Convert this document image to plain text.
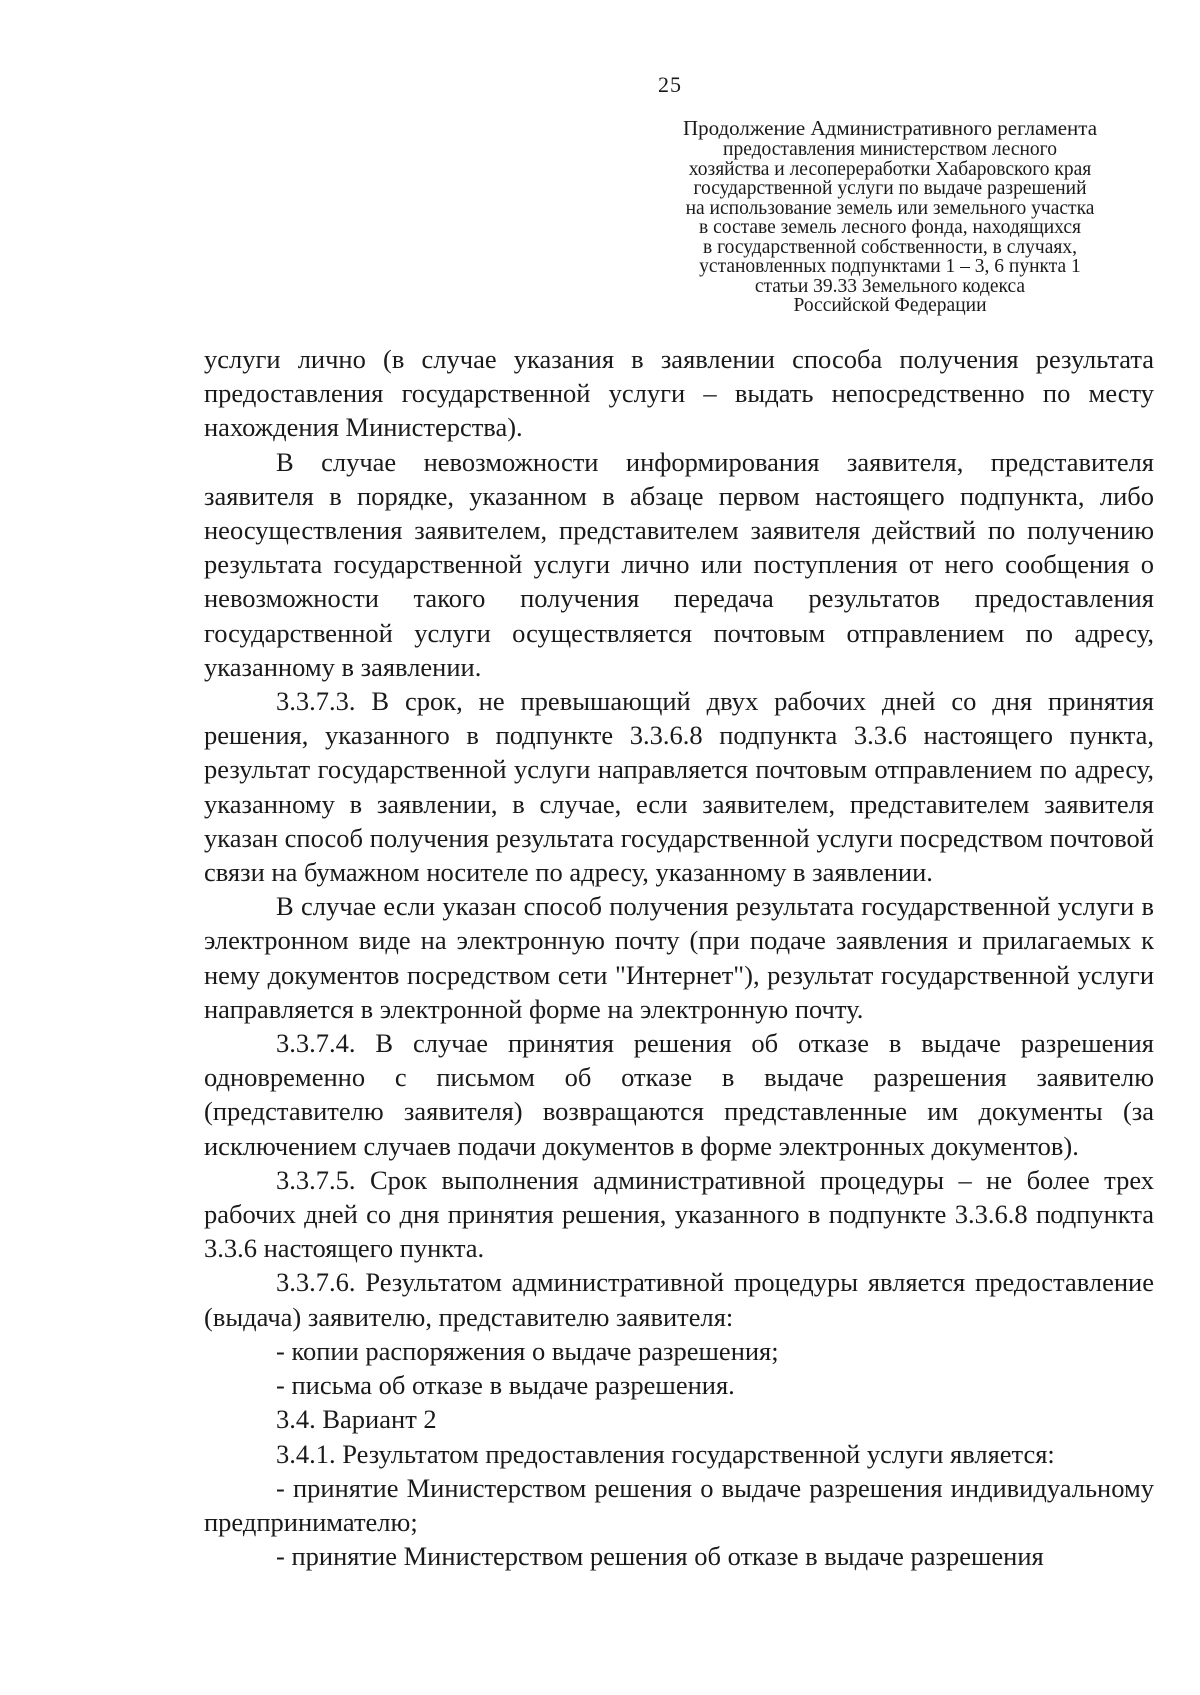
25
Продолжение Административного регламента
предоставления министерством лесного
хозяйства и лесопереработки Хабаровского края
государственной услуги по выдаче разрешений
на использование земель или земельного участка
в составе земель лесного фонда, находящихся
в государственной собственности, в случаях,
установленных подпунктами 1 – 3, 6 пункта 1
статьи 39.33 Земельного кодекса
Российской Федерации

услуги лично (в случае указания в заявлении способа получения результата предоставления государственной услуги – выдать непосредственно по месту нахождения Министерства).

В случае невозможности информирования заявителя, представителя заявителя в порядке, указанном в абзаце первом настоящего подпункта, либо неосуществления заявителем, представителем заявителя действий по получению результата государственной услуги лично или поступления от него сообщения о невозможности такого получения передача результатов предоставления государственной услуги осуществляется почтовым отправлением по адресу, указанному в заявлении.

3.3.7.3. В срок, не превышающий двух рабочих дней со дня принятия решения, указанного в подпункте 3.3.6.8 подпункта 3.3.6 настоящего пункта, результат государственной услуги направляется почтовым отправлением по адресу, указанному в заявлении, в случае, если заявителем, представителем заявителя указан способ получения результата государственной услуги посредством почтовой связи на бумажном носителе по адресу, указанному в заявлении.

В случае если указан способ получения результата государственной услуги в электронном виде на электронную почту (при подаче заявления и прилагаемых к нему документов посредством сети "Интернет"), результат государственной услуги направляется в электронной форме на электронную почту.

3.3.7.4. В случае принятия решения об отказе в выдаче разрешения одновременно с письмом об отказе в выдаче разрешения заявителю (представителю заявителя) возвращаются представленные им документы (за исключением случаев подачи документов в форме электронных документов).

3.3.7.5. Срок выполнения административной процедуры – не более трех рабочих дней со дня принятия решения, указанного в подпункте 3.3.6.8 подпункта 3.3.6 настоящего пункта.

3.3.7.6. Результатом административной процедуры является предоставление (выдача) заявителю, представителю заявителя:

- копии распоряжения о выдаче разрешения;

- письма об отказе в выдаче разрешения.

3.4. Вариант 2

3.4.1. Результатом предоставления государственной услуги является:

- принятие Министерством решения о выдаче разрешения индивидуальному предпринимателю;

- принятие Министерством решения об отказе в выдаче разрешения
